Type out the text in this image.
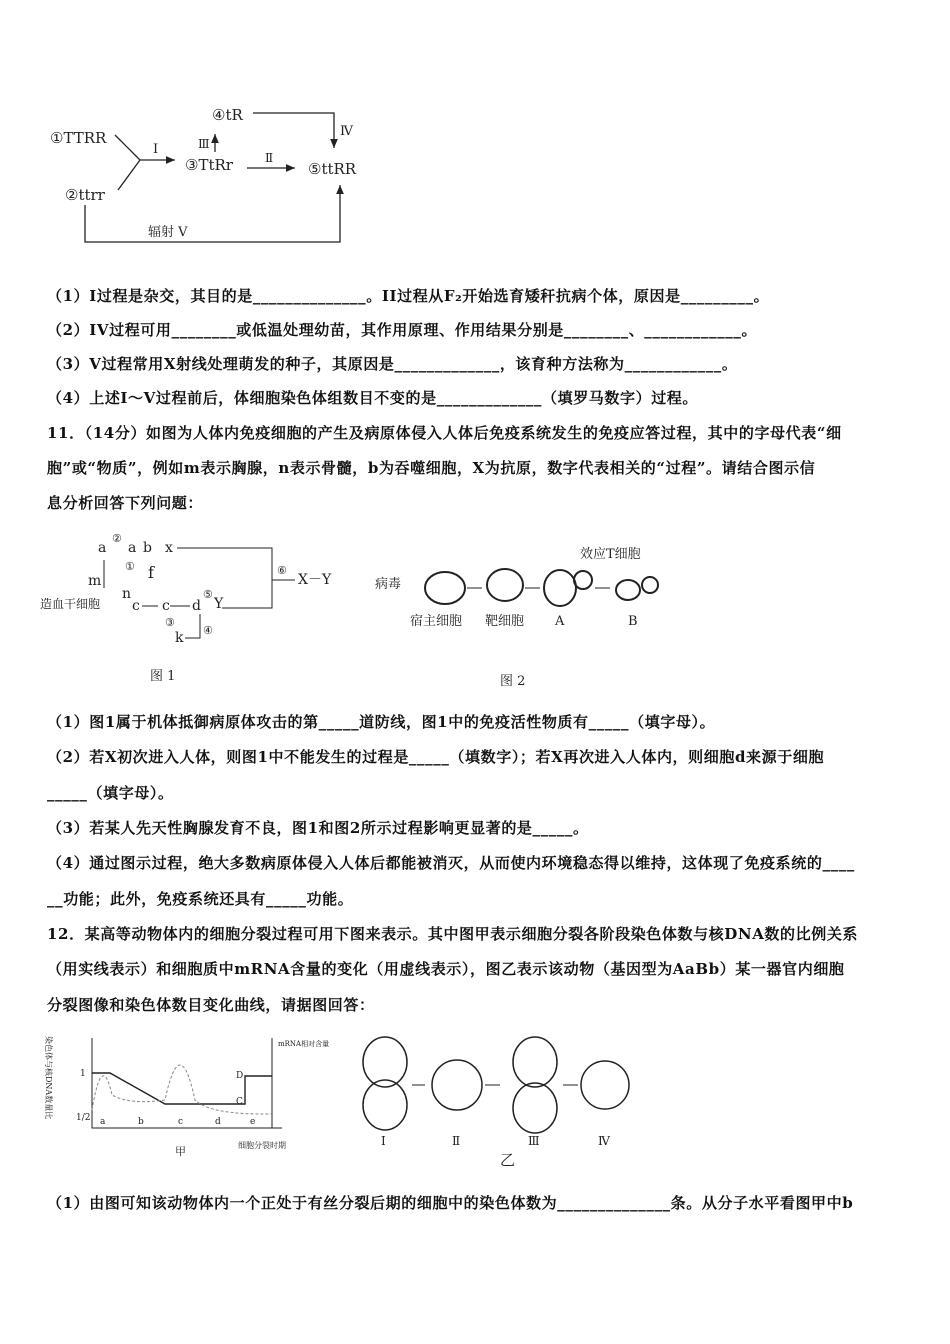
①TTRR
②ttrr
③TtRr
④tR
⑤ttRR
Ⅰ	Ⅲ
Ⅱ
Ⅳ
辐射 Ⅴ
（1）I过程是杂交，其目的是______________。II过程从F₂开始选育矮秆抗病个体，原因是_________。
（2）IV过程可用________或低温处理幼苗，其作用原理、作用结果分别是________、____________。
（3）V过程常用X射线处理萌发的种子，其原因是_____________，该育种方法称为____________。
（4）上述I～V过程前后，体细胞染色体组数目不变的是_____________（填罗马数字）过程。
11．（14分）如图为人体内免疫细胞的产生及病原体侵入人体后免疫系统发生的免疫应答过程，其中的字母代表“细
胞”或“物质”，例如m表示胸腺，n表示骨髓，b为吞噬细胞，X为抗原，数字代表相关的“过程”。请结合图示信
息分析回答下列问题：
a a b x
X－Y
m	f
造血干细胞
n
c c d Y
k
②
①
③
⑤
④
⑥
图 1
病毒
宿主细胞 靶细胞 A	B
效应T细胞
图 2
（1）图1属于机体抵御病原体攻击的第_____道防线，图1中的免疫活性物质有_____（填字母）。
（2）若X初次进入人体，则图1中不能发生的过程是_____（填数字）；若X再次进入人体内，则细胞d来源于细胞
_____（填字母）。
（3）若某人先天性胸腺发育不良，图1和图2所示过程影响更显著的是_____。
（4）通过图示过程，绝大多数病原体侵入人体后都能被消灭，从而使内环境稳态得以维持，这体现了免疫系统的____
__功能；此外，免疫系统还具有_____功能。
12．某高等动物体内的细胞分裂过程可用下图来表示。其中图甲表示细胞分裂各阶段染色体数与核DNA数的比例关系
（用实线表示）和细胞质中mRNA含量的变化（用虚线表示），图乙表示该动物（基因型为AaBb）某一器官内细胞
分裂图像和染色体数目变化曲线，请据图回答：
染色体与核DNA数量比	mRNA相对含量
1
1/2
D
C
a	b	c	d	e
甲	细胞分裂时期	Ⅰ	Ⅱ	Ⅲ	Ⅳ
乙
（1）由图可知该动物体内一个正处于有丝分裂后期的细胞中的染色体数为______________条。从分子水平看图甲中b
